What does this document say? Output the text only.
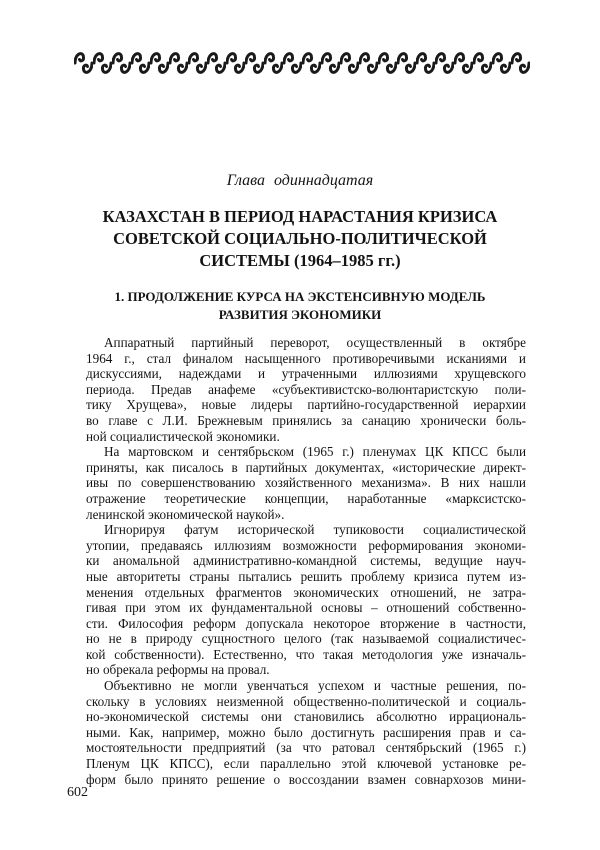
Глава одиннадцатая

КАЗАХСТАН В ПЕРИОД НАРАСТАНИЯ КРИЗИСА
СОВЕТСКОЙ СОЦИАЛЬНО-ПОЛИТИЧЕСКОЙ
СИСТЕМЫ (1964–1985 гг.)
1. ПРОДОЛЖЕНИЕ КУРСА НА ЭКСТЕНСИВНУЮ МОДЕЛЬ
РАЗВИТИЯ ЭКОНОМИКИ
Аппаратный партийный переворот, осуществленный в октябре
1964 г., стал финалом насыщенного противоречивыми исканиями и
дискуссиями, надеждами и утраченными иллюзиями хрущевского
периода. Предав анафеме «субъективистско-волюнтаристскую поли-
тику Хрущева», новые лидеры партийно-государственной иерархии
во главе с Л.И. Брежневым принялись за санацию хронически боль-
ной социалистической экономики.
На мартовском и сентябрьском (1965 г.) пленумах ЦК КПСС были
приняты, как писалось в партийных документах, «исторические директ-
ивы по совершенствованию хозяйственного механизма». В них нашли
отражение теоретические концепции, наработанные «марксистско-
ленинской экономической наукой».
Игнорируя фатум исторической тупиковости социалистической
утопии, предаваясь иллюзиям возможности реформирования экономи-
ки аномальной административно-командной системы, ведущие науч-
ные авторитеты страны пытались решить проблему кризиса путем из-
менения отдельных фрагментов экономических отношений, не затра-
гивая при этом их фундаментальной основы – отношений собственно-
сти. Философия реформ допускала некоторое вторжение в частности,
но не в природу сущностного целого (так называемой социалистичес-
кой собственности). Естественно, что такая методология уже изначаль-
но обрекала реформы на провал.
Объективно не могли увенчаться успехом и частные решения, по-
скольку в условиях неизменной общественно-политической и социаль-
но-экономической системы они становились абсолютно иррациональ-
ными. Как, например, можно было достигнуть расширения прав и са-
мостоятельности предприятий (за что ратовал сентябрьский (1965 г.)
Пленум ЦК КПСС), если параллельно этой ключевой установке ре-
форм было принято решение о воссоздании взамен совнархозов мини-
602
